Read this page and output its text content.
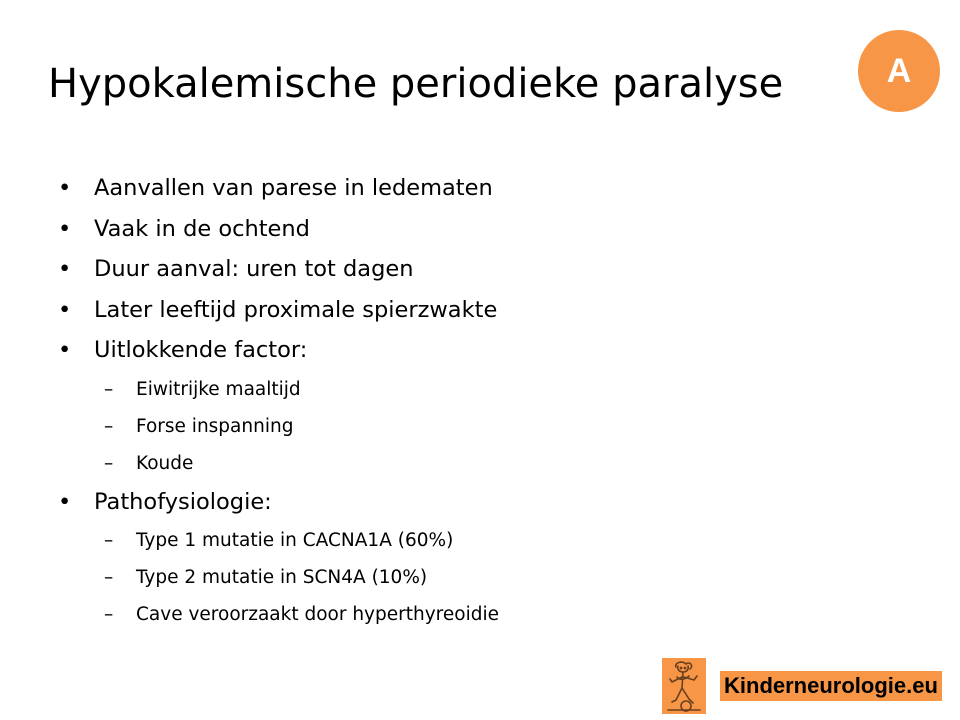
Hypokalemische periodieke paralyse	A
• Aanvallen van parese in ledematen
• Vaak in de ochtend
• Duur aanval: uren tot dagen
• Later leeftijd proximale spierzwakte
• Uitlokkende factor:
– Eiwitrijke maaltijd
– Forse inspanning
– Koude
• Pathofysiologie:
– Type 1 mutatie in CACNA1A (60%)
– Type 2 mutatie in SCN4A (10%)
– Cave veroorzaakt door hyperthyreoidie
Kinderneurologie.eu
